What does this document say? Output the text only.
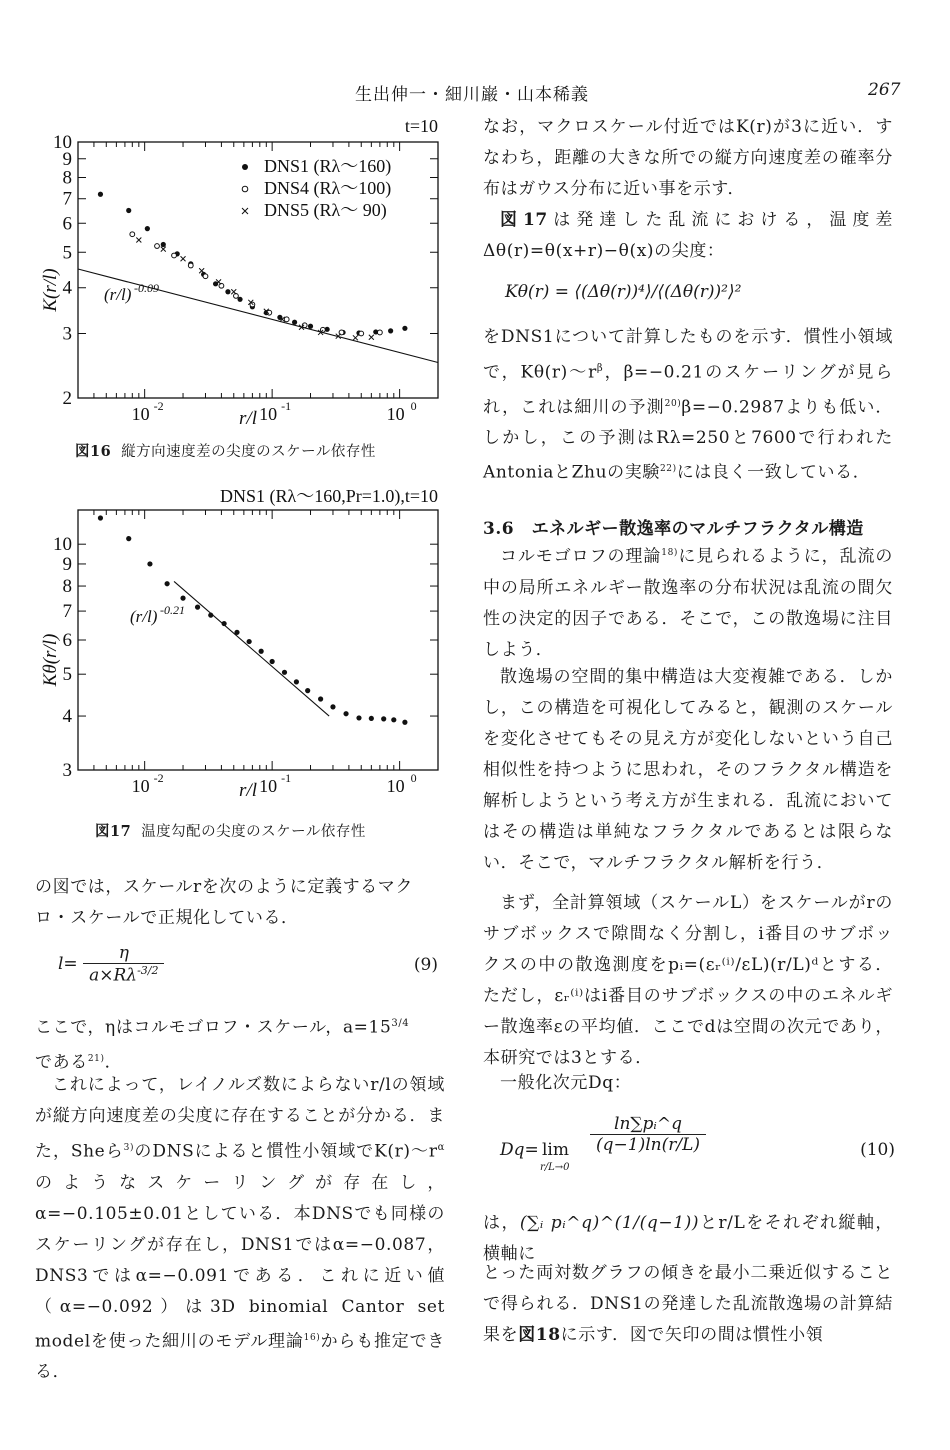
生出伸一・細川巌・山本稀義	267
10
9
8
7
6
5
4
3
2
10 -2	10 -1	10 0
r/l
K(r/l)	(r/l) -0.09
t=10
DNS1 (Rλ〜160)
DNS4 (Rλ〜100)
DNS5 (Rλ〜 90)
図16 縦方向速度差の尖度のスケール依存性
10
9
8
7
6
5
4
3
10 -2	10 -1	10 0
r/l
Kθ(r/l)
(r/l) -0.21
DNS1 (Rλ〜160,Pr=1.0),t=10
図17 温度勾配の尖度のスケール依存性
の図では，スケールrを次のように定義するマク
ロ・スケールで正規化している．
$l= \frac{\eta}{a\times R\lambda^{-3/2}}$	(9)
ここで，ηはコルモゴロフ・スケール，$a=15^{3/4}$
である$^{21)}$．
これによって，レイノルズ数によらないr/lの領域が縦方向速度差の尖度に存在することが分かる．また，Sheら$^{3)}$のDNSによると慣性小領域でK(r)〜$r^\alpha$のようなスケーリングが存在し，α=−0.105±0.01としている．本DNSでも同様のスケーリングが存在し，DNS1ではα=−0.087，DNS3ではα=−0.091である．これに近い値（α=−0.092）は3D binomial Cantor set modelを使った細川のモデル理論$^{16)}$からも推定できる．
なお，マクロスケール付近ではK(r)が3に近い．すなわち，距離の大きな所での縦方向速度差の確率分布はガウス分布に近い事を示す．
図17は発達した乱流における，温度差Δθ(r)=θ(x+r)−θ(x)の尖度：
Kθ(r) = ⟨(Δθ(r))⁴⟩/⟨(Δθ(r))²⟩²
をDNS1について計算したものを示す．慣性小領域で，Kθ(r)〜$r^\beta$，β=−0.21のスケーリングが見られ，これは細川の予測$^{20)}$β=−0.2987よりも低い．しかし，この予測はRλ=250と7600で行われたAntoniaとZhuの実験$^{22)}$には良く一致している．
3.6　エネルギー散逸率のマルチフラクタル構造
コルモゴロフの理論$^{18)}$に見られるように，乱流の中の局所エネルギー散逸率の分布状況は乱流の間欠性の決定的因子である．そこで，この散逸場に注目しよう．
散逸場の空間的集中構造は大変複雑である．しかし，この構造を可視化してみると，観測のスケールを変化させてもその見え方が変化しないという自己相似性を持つように思われ，そのフラクタル構造を解析しようという考え方が生まれる．乱流においてはその構造は単純なフラクタルであるとは限らない．そこで，マルチフラクタル解析を行う．
まず，全計算領域（スケールL）をスケールがrのサブボックスで隙間なく分割し，i番目のサブボックスの中の散逸測度をpᵢ=(εᵣ⁽ⁱ⁾/εL)(r/L)ᵈとする．ただし，εᵣ⁽ⁱ⁾はi番目のサブボックスの中のエネルギー散逸率εの平均値．ここでdは空間の次元であり，本研究では3とする．
一般化次元Dq：
Dq= lim
r/L→0
$\frac{\text{ln∑pᵢ\textasciicircum{}q}}{(q-1)\ln(r/L)}$	(10)
は，(∑ᵢ pᵢ^q)^(1/(q−1))とr/Lをそれぞれ縦軸，横軸に
とった両対数グラフの傾きを最小二乗近似することで得られる．DNS1の発達した乱流散逸場の計算結果を図18に示す．図で矢印の間は慣性小領
